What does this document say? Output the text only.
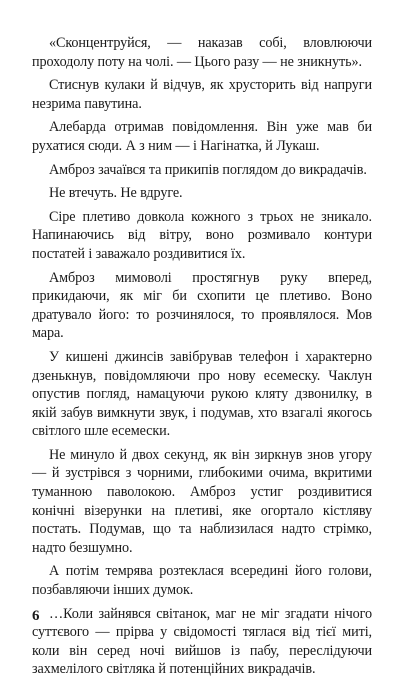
«Сконцентруйся, — наказав собі, вловлюючи проходолу поту на чолі. — Цього разу — не зникнуть».

Стиснув кулаки й відчув, як хрусторить від напруги незрима павутина.

Алебарда отримав повідомлення. Він уже мав би рухатися сюди. А з ним — і Нагінатка, й Лукаш.

Амброз зачаївся та прикипів поглядом до викрадачів.

Не втечуть. Не вдруге.

Сіре плетиво довкола кожного з трьох не зникало. Напинаючись від вітру, воно розмивало контури постатей і заважало роздивитися їх.

Амброз мимоволі простягнув руку вперед, прикидаючи, як міг би схопити це плетиво. Воно дратувало його: то розчинялося, то проявлялося. Мов мара.

У кишені джинсів завібрував телефон і характерно дзенькнув, повідомляючи про нову есемеску. Чаклун опустив погляд, намацуючи рукою кляту дзвонилку, в якій забув вимкнути звук, і подумав, хто взагалі якогось світлого шле есемески.

Не минуло й двох секунд, як він зиркнув знов угору — й зустрівся з чорними, глибокими очима, вкритими туманною паволокою. Амброз устиг роздивитися конічні візерунки на плетиві, яке огортало кістляву постать. Подумав, що та наблизилася надто стрімко, надто безшумно.

А потім темрява розтеклася всередині його голови, позбавляючи інших думок.

…Коли зайнявся світанок, маг не міг згадати нічого суттєвого — прірва у свідомості тяглася від тієї миті, коли він серед ночі вийшов із пабу, переслідуючи захмелілого світляка й потенційних викрадачів.

6
